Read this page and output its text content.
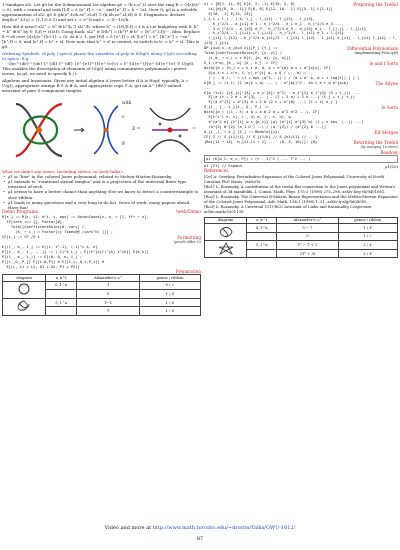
1-Smidgen sl2. Let g0 be the 4-dimensional Lie algebra g0 = ⟨b,c,u⁺,l⟩ over the ring R = Q[ε]/(ε² = 0), with c central and with [l,f] = f, [e⁺,f] = −e⁻, and [e⁺,f] = h − 2εl. Over Q, g0 is a solvable approximation of sl2: g0 ≅ gb⟨e⁺,f,eh,εe⁺,εl,εf⟩ ⊃ (h,eh,εe⁺,εl,εf) ≅ 0. Pragmatics: declare deg(b,e⁺,l,f,ε) = (1,1,0,0,1) and set t := e^b and c := (t−1ε)/h.

How did it arise? sl2⁺ = b⁺ ⊕ b⁺/h ⊃ sl2⁺/h, where b⁺ = ⟨l,f⟩/[l,f] = f is a Lie bialgebra with δ: b⁺ → b⁺ ⊗ b⁺ by δ: (l,f) ↦ ε(l∧f). Going back, sl2⁺ ≅ D(b⁺) = (b⁺)* ⊕ b⁺ = ⟨b⁺,e⁺,l,f⟩/⋯. Idea. Replace δ → εδ over Q[ε]/(ε^{k+1} = 0). At k = 1, get [f,f] = f, [e⁺,f] = εf, [l,e⁺] = e⁺, [b⁺,e⁺] = −εe⁺, [b⁺,f] = 0, and [e⁺,f] = b⁺ + εl. Now note that b⁺ + εl is central, so switch to b := b⁺ + εl. This is g0.

Ordering Symbols. O(poly | specs) plants the variables of poly in S(hg0) along U(g0) according to specs. E.g.,

O(e^{de}^{de} l^{dl} f^{df} | f^{e}l^{f}e^{e}c) = f^{d}e^{f}e^{d}e^{e} ∈ U(g0).

This enables the description of elements of U(g0) using commutative polynomials / power series. In g0, no need to specify h / t.

Algebras and Invariants. Given any initial algebra A (even better if A is Hopf; typically, A = U(g)), appropriate orange R ∈ A ⊗ A, and appropriate cups ∈ A, get an A^{⊗S}-valued invariant of pure S-component tangles:

with
ν
g
Z =	=

What we didn't say (more, including videos, in \web/Talks):

• ρ1 is "line" in the colored Jones polynomial; related to Melvin-Morton-Rozansky.
• ρ1 extends to "rotational virtual tangles" and is a projection of the universal finite type invariant of such.
• ρ1 seems to have a better chance than anything else we know to detect a counterexample to slice-ribbon.
• ρ1 leads to many questions and a very long to-do list. Years of work, many papers ahead. Have fun!
Demo Programs.	\web/Demo
R[ε_] := R[ε, i1, e^i, i, eps] := UnionCases[ε, n_ ↦ [I, ff→ → n],
IF[vars === {}, Factor[#],
Total[CoefficientRules[#, vars] /.
(k_ → c_) ↦ Factor[c] Times@@ (vars^k) ]]] ;
CF[ε_] := CF /@ ε	Formatting
(pends differ O)
E[(l_, e_, i_] := E[(i, i^-1], (-1)^i e, e]
E[[ε_, e_, i_, ...]] := (-1)^k L_j ; E[(t^{i}r)^{k} ε^{k}] E[k_s]]
E[(l_, e_, i_)] := E[(0, 0, e, i_] ;
E[[L_,Q_,P_]] E[[L,Q,P]] ≡ E[[L_i,,Q_i,P_i]] ≡
E[[L, i1 + L2, Q1 + Q2, P1 + P2]]
Preparation
diagram	n_k^t	Alexander's ω⁺	genus / ribbon
	0_1^a	1	0 / ✓
		0	1 / ✗
	3_1^a	T−1	1 / ✗
		T	1 / ✗
sl = {B[1, 11, 8] E[4, 2, -1] E[15, 5, 0]
Li[{b[{R, 0, -1}] E[8, 8] E[12, 16, -1] E[[5, 1] L[1,1]]
E[10, -1] E[13, 13]]
Preparing the Trefoil
L_i_i + l_j - l_k, l_j - l_{i1} - l_{i2} - l_{i3},
- h_j^2/2 - a_{i1} e_1 - h_j^2/4 - e_1 e_2 - h_j^2/4 e_3 ...,
- 3 h_j^2/4 - a_{i3} e_3 - h_j^2/4 e_5 - a_{i3} e_i - l_{j,j} - l_{j+1}
- h_j^2/4 - l_{j+1} + l_{j+3} - h_j^2/4 - l_{i1} e_1 + l_{i1}
l_{i1} l_{i2} - h_j^2/4 e_{i1}/2 - l_{i1} l_{i2} - l_{i1} e_{i1} - l_{i1} l_{i2} - l_{i3} l_{i1}
DP_{a+d_x, a_{a+d_z}}[P_] [f_] :=	Differential Polynomials
Total[CoefficientRules[P, {x, y}] /.
(i_m_ → c_) ↦ c D[f, {x, m}, {y, n}]]
(implementing P(∂x,∂y)f)
S_i_(z→w)_[a_, w] [e_, ε_] := CF[	le and f Sorts
With[{a = (h_j x + h_i a, Q, q = e^{b} a x + a^{x}y], CF[
E[w_i ε + x^ε, ℓ, y] x^{t} ω, x Q / (·, α) ↦ ·,
(·) - Q /, · ↦ (1 + eps (a^2...)) ) / (d + a' e, α + i log[t]) ] ] ]
h[B_] := (t-1) (2 (a(e + a) ... ) - e^{b})^2 - 4a t_e t_d e^{a+b} ...
The Adyne
E[a (t+1) {(E_{i}^{3} + e_i^{4}) e^2) - e_j^{3} e_j^{4} (3 + t_j)} ...
E[(a (t + 2 a + a^{3} ... ) - (1 + 2 a) + 2 k ...] (t_j + t_j t_j)
E[(a e^{3} + a^{3} a + 2 b (2 t + e^{b} ...) (1 + t) e_j ]
S_{i_, j_, ε_}[t_, Q_, P_] :=	fe Sorts
With[{q = ((1 - t) a b + a b_2 a + a^2 a^2 ...}, CF[
E[t^i l ε, ε], (·, η) ε, (·, ε, η), q
e^{a^2 w} {t^{i} w ε_{p_i}} [a] (e^{i} a^{3} b) (1 + ε eps  (..)) ...]
(a^{2} b^{2} (a_1 Q / ..) / (a ^{2}) / (a^{2} b ...)]
m_{i_,j_ → k_} [Z_] := Module[{x},	Elf Merges
CF[ Z // S_{i1/j1} // S_{j1/k} // S_{k1/i1} // ...]
{Bxj[11 → 14]  m_{i1,i1 → 1} ...  (8, 2, 10))}; {8}	Rewriting the Trefoil
(by merging 16 elves)
Readout
ρ1 (K[w_1, e_i, P]) = (t - 1)^2 ( ... T^2 ... )
ρ1 [Z1] // Expand	ρ1(O₃)

References.

[Ov] A. Overbay, Perturbative Expansion of the Colored Jones Polynomial, University of North Carolina PhD thesis, \web/Ov.

[Ro1] L. Rozansky, A contribution of the trivial flat connection to the Jones polynomial and Witten's invariant of 3d manifolds, I, Comm. Math. Phys. 175-2 (1996) 275–296, arXiv:hep-th/9401061.

[Ro2] L. Rozansky, The Universal R-Matrix, Burau Representation and the Melvin-Morton Expansion of the Colored Jones Polynomial, Adv. Math. 134-1 (1998) 1–31, arXiv:q-alg/9604005.

[Ro3] L. Rozansky, A Universal U(1)-RCC Invariant of Links and Rationality Conjecture, arXiv:math/0201139.

diagram	n_k^t	Alexander's ω⁺	genus / ribbon
	4_1^a	3 − 7	1 / ✗
		0	1 / ✓
	5_1^a	T² − T + 1	2 / ✗
		2T³ + 3t	2 / ✗
Video and more at http://www.math.toronto.edu/~drorbn/Talks/GWU-1612/
87
